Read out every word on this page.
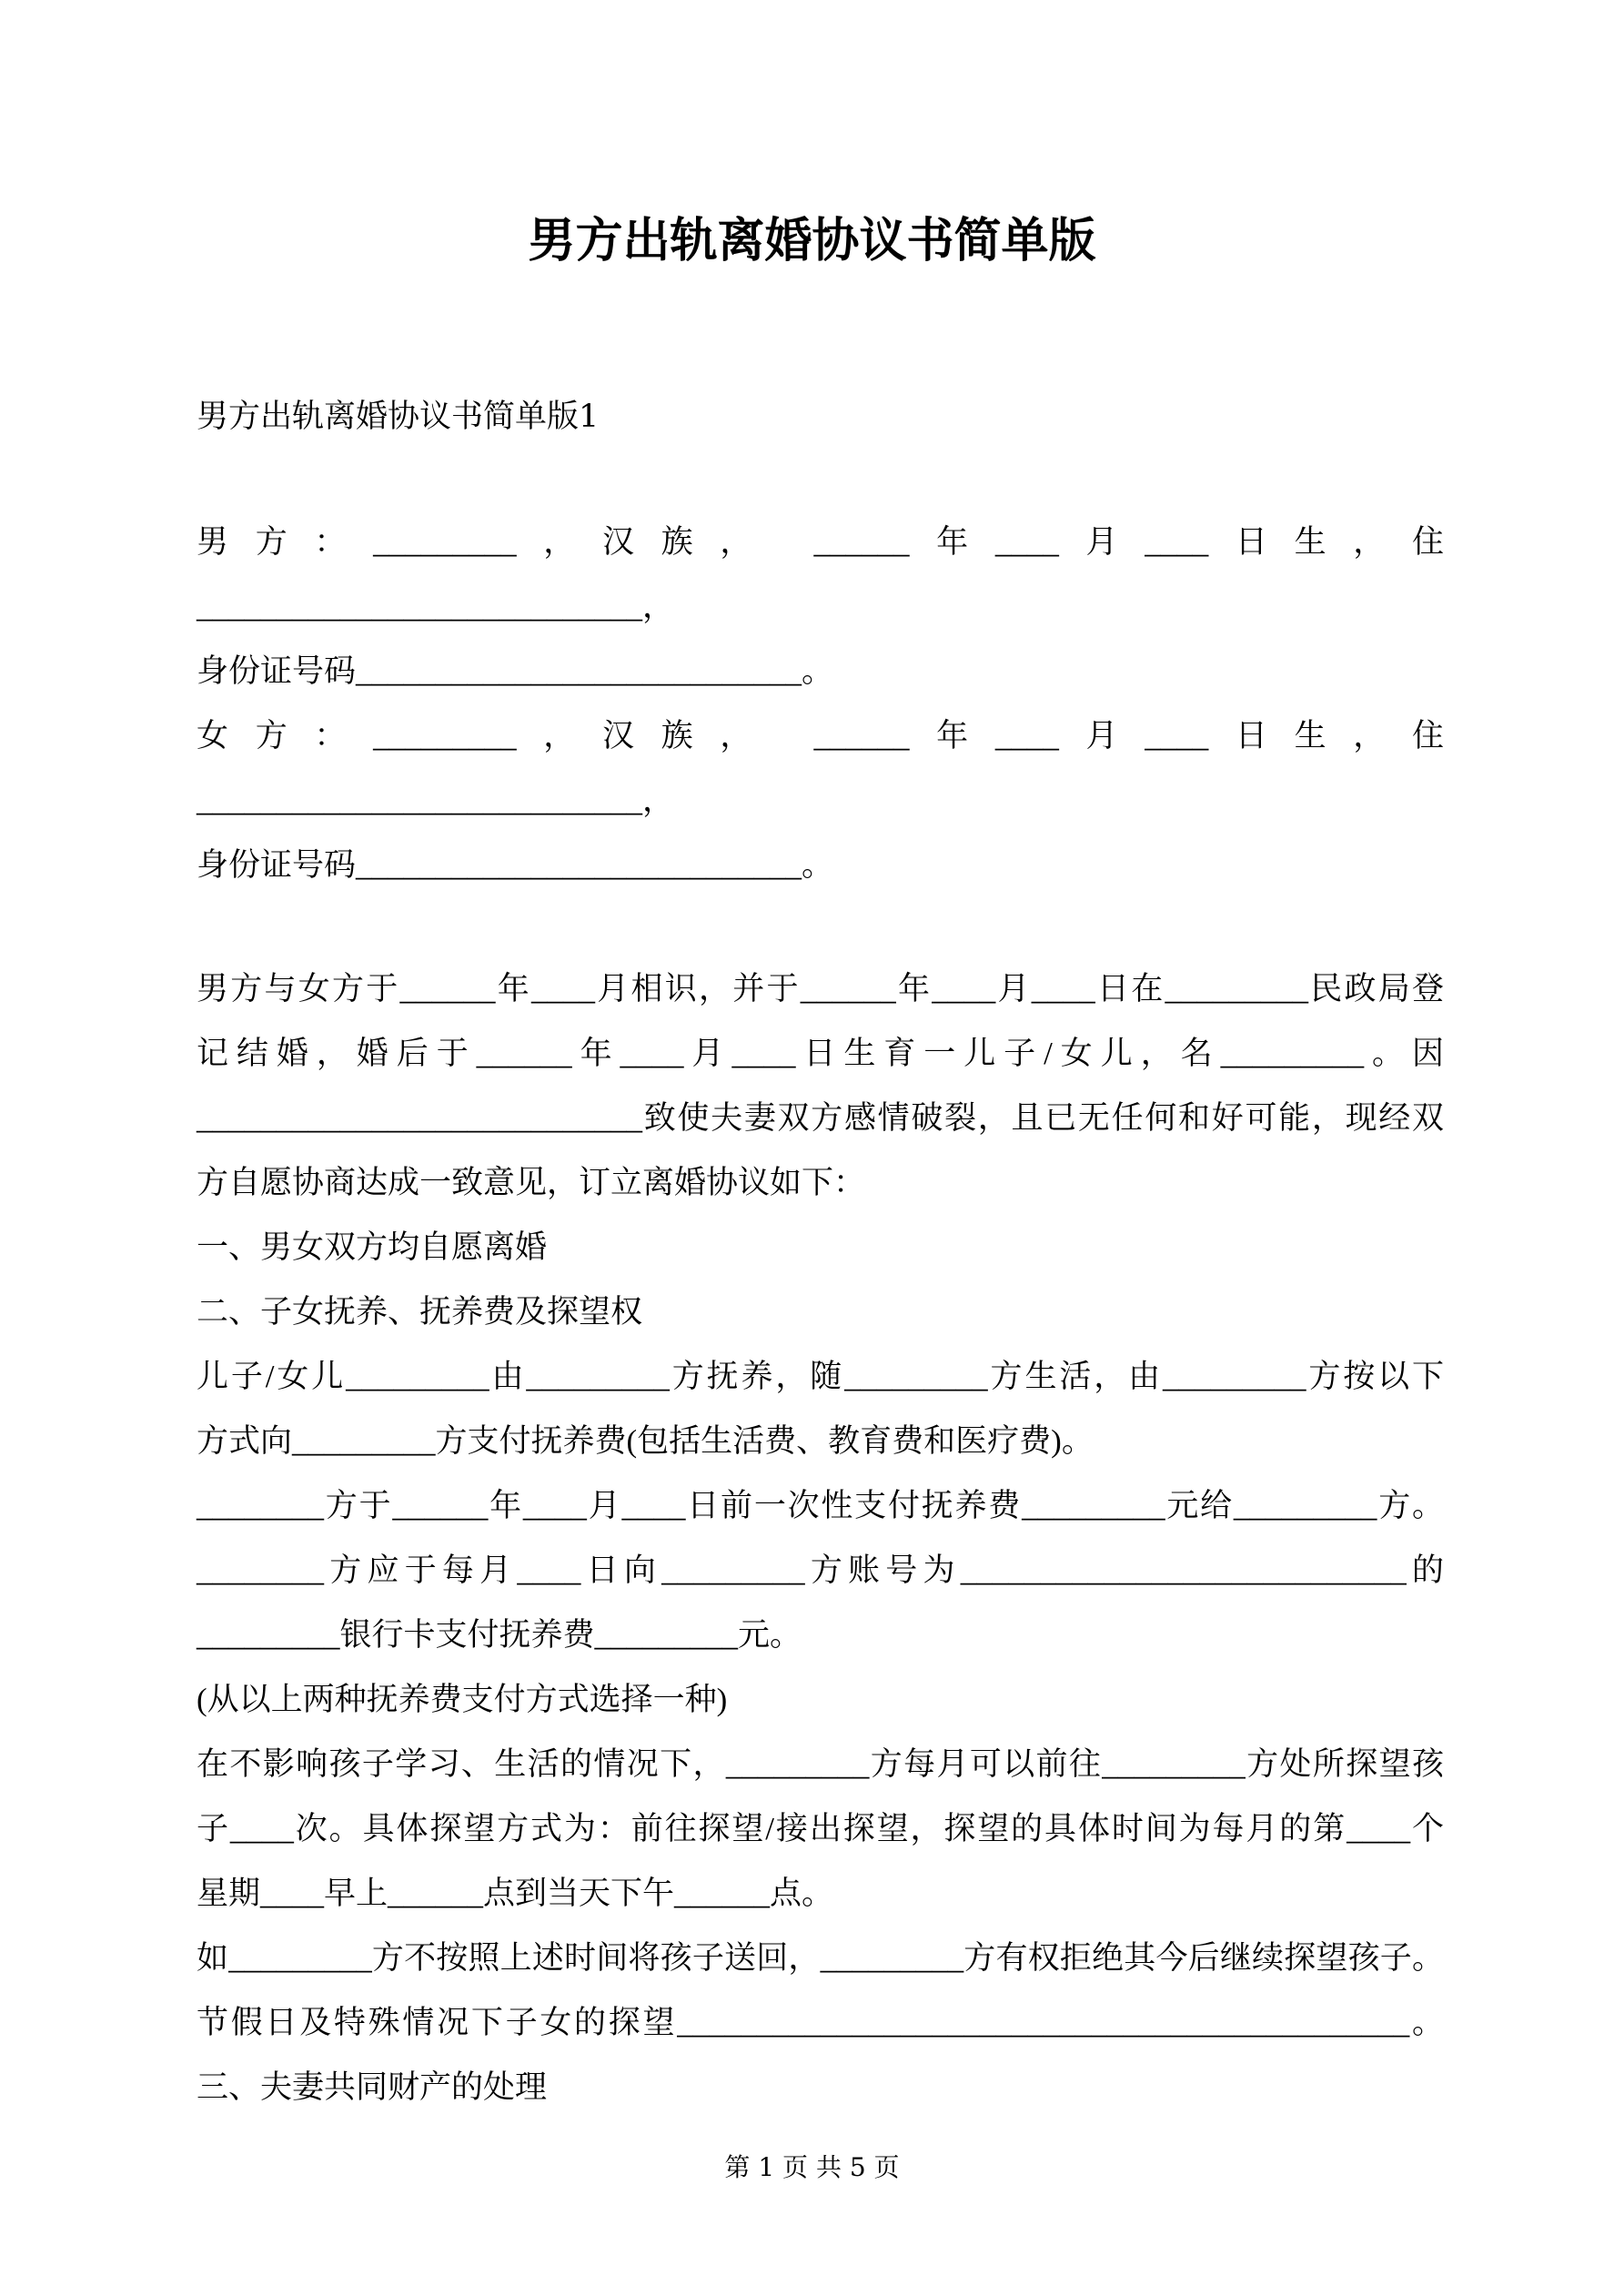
男方出轨离婚协议书简单版
男方出轨离婚协议书简单版1
男方：_________，汉族， ______年____月____日生，住
____________________________，
身份证号码____________________________。
女方：_________，汉族， ______年____月____日生，住
____________________________，
身份证号码____________________________。
男方与女方于______年____月相识，并于______年____月____日在_________民政局登
记结婚，婚后于______年____月____日生育一儿子/女儿，名_________。因
____________________________致使夫妻双方感情破裂，且已无任何和好可能，现经双
方自愿协商达成一致意见，订立离婚协议如下：
一、男女双方均自愿离婚
二、子女抚养、抚养费及探望权
儿子/女儿_________由_________方抚养，随_________方生活，由_________方按以下
方式向_________方支付抚养费(包括生活费、教育费和医疗费)。
________方于______年____月____日前一次性支付抚养费_________元给_________方。
________方应于每月____日向_________方账号为____________________________的
_________银行卡支付抚养费_________元。
(从以上两种抚养费支付方式选择一种)
在不影响孩子学习、生活的情况下，_________方每月可以前往_________方处所探望孩
子____次。具体探望方式为：前往探望/接出探望，探望的具体时间为每月的第____个
星期____早上______点到当天下午______点。
如_________方不按照上述时间将孩子送回，_________方有权拒绝其今后继续探望孩子。
节假日及特殊情况下子女的探望______________________________________________。
三、夫妻共同财产的处理
第 1 页 共 5 页
